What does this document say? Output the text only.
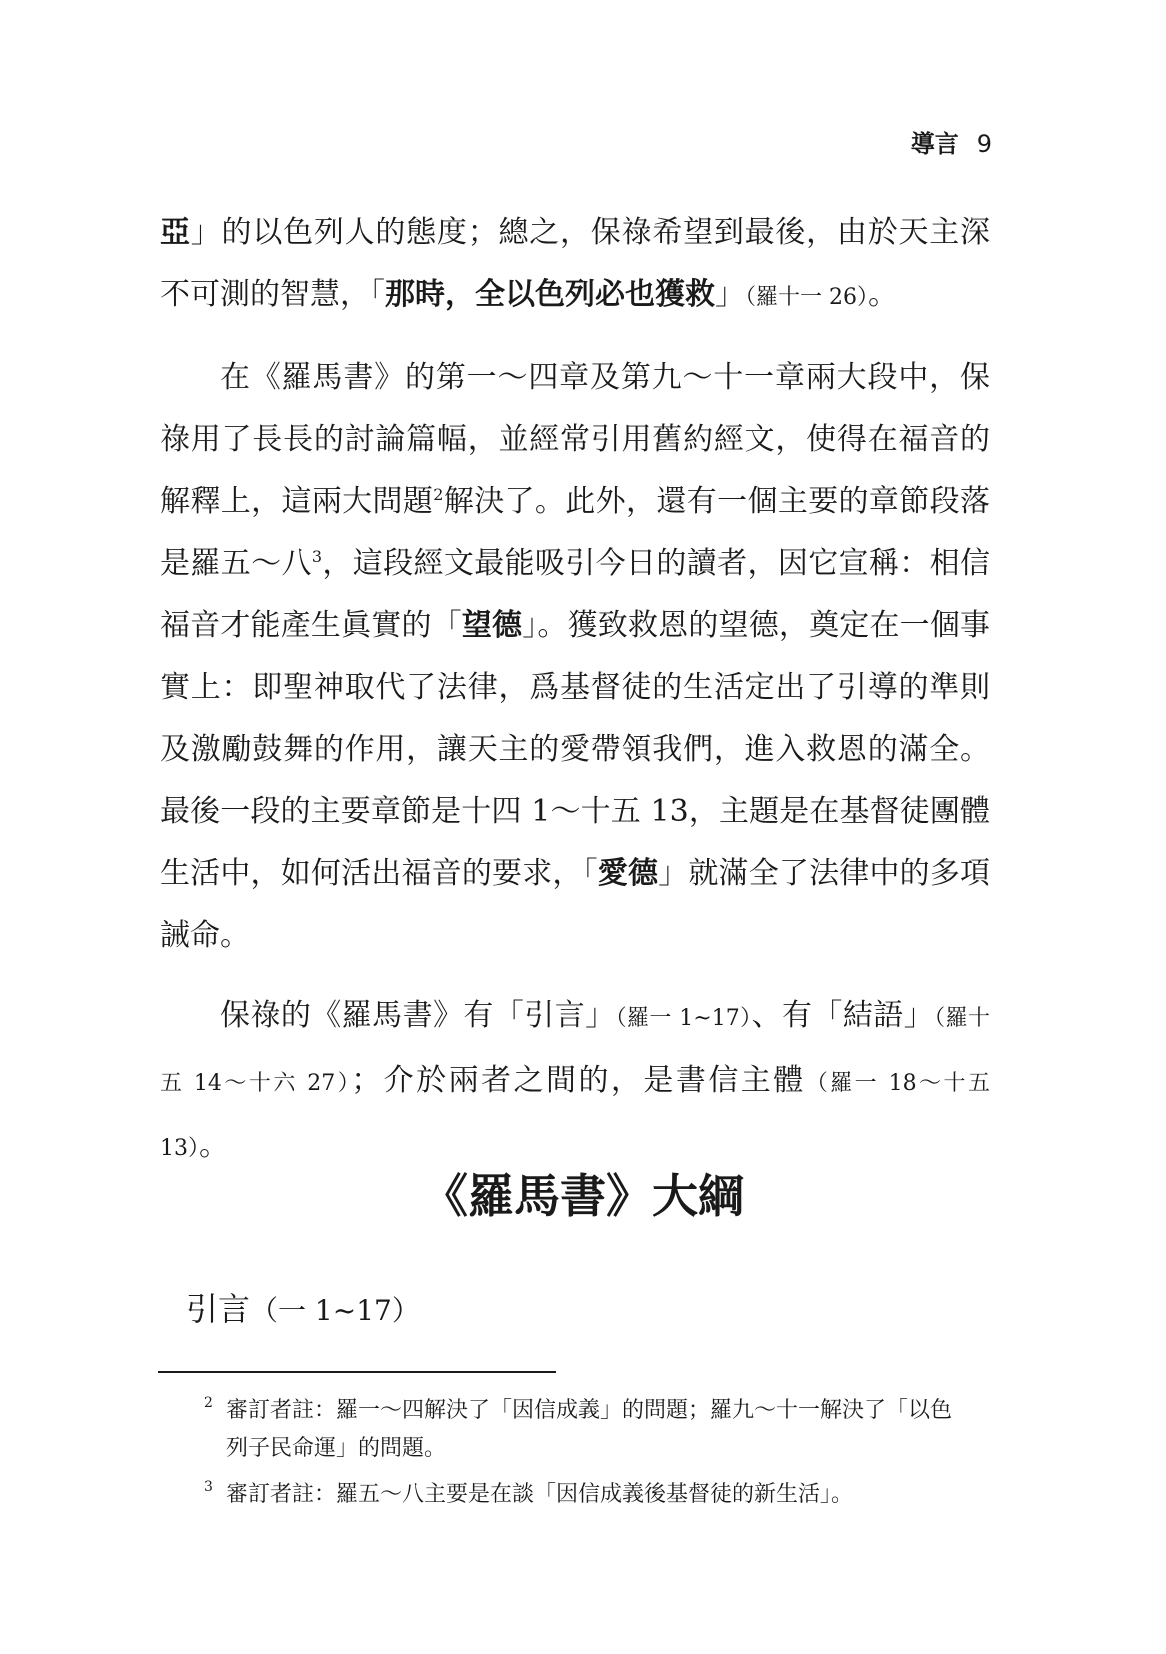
導言 9

亞」的以色列人的態度；總之，保祿希望到最後，由於天主深不可測的智慧，「那時，全以色列必也獲救」（羅十一 26）。

在《羅馬書》的第一～四章及第九～十一章兩大段中，保祿用了長長的討論篇幅，並經常引用舊約經文，使得在福音的解釋上，這兩大問題$^2$解決了。此外，還有一個主要的章節段落是羅五～八$^3$，這段經文最能吸引今日的讀者，因它宣稱：相信福音才能產生眞實的「望德」。獲致救恩的望德，奠定在一個事實上：即聖神取代了法律，爲基督徒的生活定出了引導的準則及激勵鼓舞的作用，讓天主的愛帶領我們，進入救恩的滿全。最後一段的主要章節是十四 1～十五 13，主題是在基督徒團體生活中，如何活出福音的要求，「愛德」就滿全了法律中的多項誡命。

保祿的《羅馬書》有「引言」（羅一 1~17）、有「結語」（羅十五 14～十六 27）；介於兩者之間的，是書信主體（羅一 18～十五 13）。

《羅馬書》大綱
引言（一 1~17）
2 審訂者註：羅一～四解決了「因信成義」的問題；羅九～十一解決了「以色列子民命運」的問題。
3 審訂者註：羅五～八主要是在談「因信成義後基督徒的新生活」。
